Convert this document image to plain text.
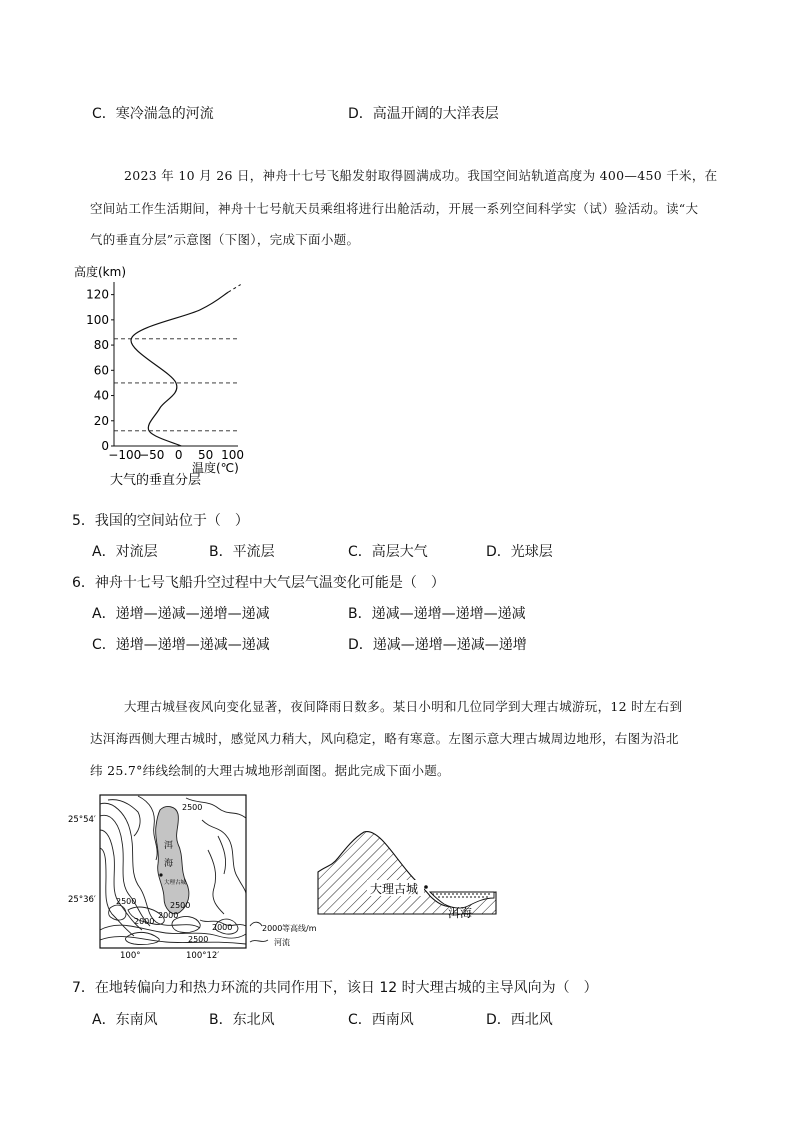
C．寒冷湍急的河流	D．高温开阔的大洋表层
2023 年 10 月 26 日，神舟十七号飞船发射取得圆满成功。我国空间站轨道高度为 400—450 千米，在
空间站工作生活期间，神舟十七号航天员乘组将进行出舱活动，开展一系列空间科学实（试）验活动。读“大
气的垂直分层”示意图（下图），完成下面小题。
高度(km)
0
20
40
60
80
100
120
−100
−50 0 50 100
温度(℃)
大气的垂直分层
5．我国的空间站位于（　）
A．对流层	B．平流层	C．高层大气	D．光球层
6．神舟十七号飞船升空过程中大气层气温变化可能是（　）
A．递增—递减—递增—递减	B．递减—递增—递增—递减
C．递增—递增—递减—递减	D．递减—递增—递减—递增
大理古城昼夜风向变化显著，夜间降雨日数多。某日小明和几位同学到大理古城游玩，12 时左右到
达洱海西侧大理古城时，感觉风力稍大，风向稳定，略有寒意。左图示意大理古城周边地形，右图为沿北
纬 25.7°纬线绘制的大理古城地形剖面图。据此完成下面小题。
25°54′
25°36′
100°	100°12′
2500
2500
2500
2500
2000
2000
2000
洱
海
大理古城
2000 等高线/m
河流
大理古城
洱海
7．在地转偏向力和热力环流的共同作用下，该日 12 时大理古城的主导风向为（　）
A．东南风	B．东北风	C．西南风	D．西北风
